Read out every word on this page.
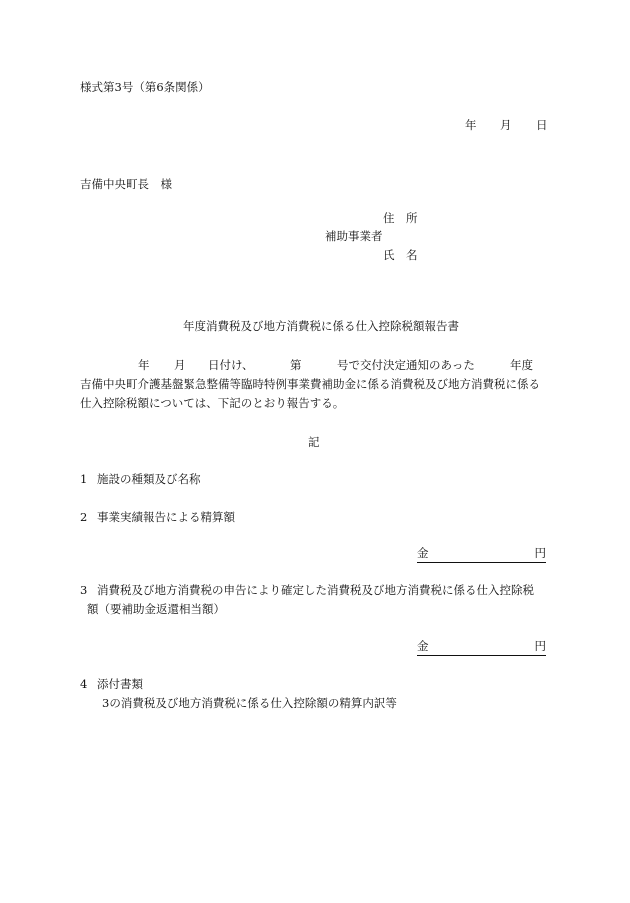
様式第3号（第6条関係）
年 月 日
吉備中央町長　様
住　所
補助事業者
氏　名
年度消費税及び地方消費税に係る仕入控除税額報告書
年 月 日付け、	第	号で交付決定通知のあった	年度
吉備中央町介護基盤緊急整備等臨時特例事業費補助金に係る消費税及び地方消費税に係る
仕入控除税額については、下記のとおり報告する。
記
1 施設の種類及び名称
2 事業実績報告による精算額
金	円
3 消費税及び地方消費税の申告により確定した消費税及び地方消費税に係る仕入控除税
額（要補助金返還相当額）
金	円
4 添付書類
3の消費税及び地方消費税に係る仕入控除額の精算内訳等
